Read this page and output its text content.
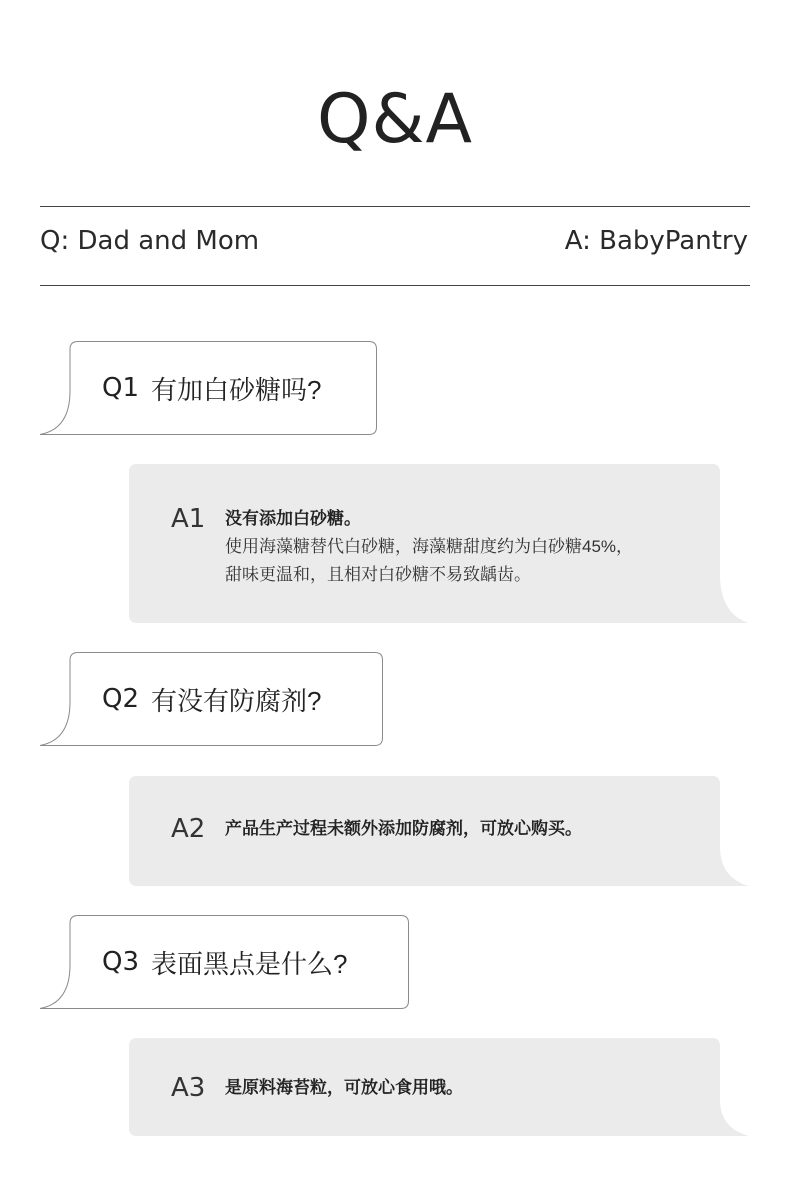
Q&A
Q: Dad and Mom	A: BabyPantry
Q1 有加白砂糖吗?
A1	没有添加白砂糖。
使用海藻糖替代白砂糖，海藻糖甜度约为白砂糖45%，
甜味更温和，且相对白砂糖不易致龋齿。
Q2 有没有防腐剂?
A2	产品生产过程未额外添加防腐剂，可放心购买。
Q3 表面黑点是什么?
A3	是原料海苔粒，可放心食用哦。
